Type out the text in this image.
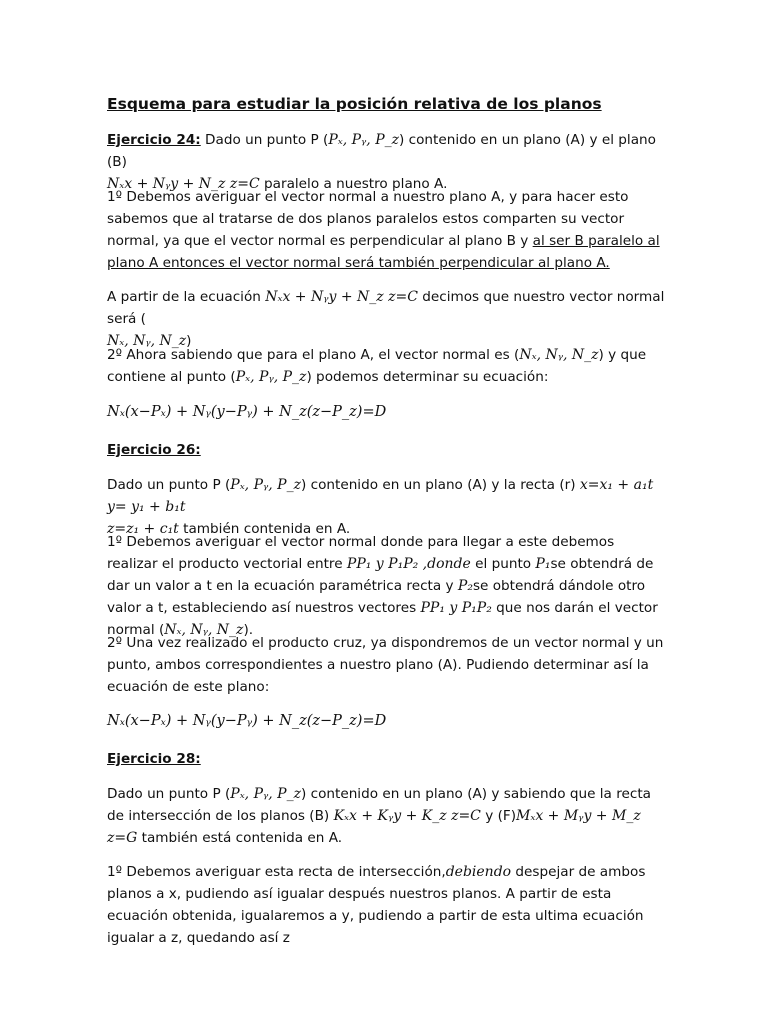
Esquema para estudiar la posición relativa de los planos
Ejercicio 24: Dado un punto P (Pₓ, Pᵧ, P_z) contenido en un plano (A) y el plano (B)
Nₓx + Nᵧy + N_z z=C paralelo a nuestro plano A.
1º Debemos averiguar el vector normal a nuestro plano A, y para hacer esto sabemos que al tratarse de dos planos paralelos estos comparten su vector normal, ya que el vector normal es perpendicular al plano B y al ser B paralelo al plano A entonces el vector normal será también perpendicular al plano A.
A partir de la ecuación Nₓx + Nᵧy + N_z z=C decimos que nuestro vector normal será (
Nₓ, Nᵧ, N_z)
2º Ahora sabiendo que para el plano A, el vector normal es (Nₓ, Nᵧ, N_z) y que contiene al punto (Pₓ, Pᵧ, P_z) podemos determinar su ecuación:
Nₓ(x−Pₓ) + Nᵧ(y−Pᵧ) + N_z(z−P_z)=D
Ejercicio 26:
Dado un punto P (Pₓ, Pᵧ, P_z) contenido en un plano (A) y la recta (r) x=x₁ + a₁t y= y₁ + b₁t
z=z₁ + c₁t también contenida en A.
1º Debemos averiguar el vector normal donde para llegar a este debemos realizar el producto vectorial entre PP₁ y P₁P₂ ,donde el punto P₁se obtendrá de dar un valor a t en la ecuación paramétrica recta y P₂se obtendrá dándole otro valor a t, estableciendo así nuestros vectores PP₁ y P₁P₂ que nos darán el vector normal (Nₓ, Nᵧ, N_z).
2º Una vez realizado el producto cruz, ya dispondremos de un vector normal y un punto, ambos correspondientes a nuestro plano (A). Pudiendo determinar así la ecuación de este plano:
Nₓ(x−Pₓ) + Nᵧ(y−Pᵧ) + N_z(z−P_z)=D
Ejercicio 28:
Dado un punto P (Pₓ, Pᵧ, P_z) contenido en un plano (A) y sabiendo que la recta de intersección de los planos (B) Kₓx + Kᵧy + K_z z=C y (F)Mₓx + Mᵧy + M_z z=G también está contenida en A.
1º Debemos averiguar esta recta de intersección,debiendo despejar de ambos planos a x, pudiendo así igualar después nuestros planos. A partir de esta ecuación obtenida, igualaremos a y, pudiendo a partir de esta ultima ecuación igualar a z, quedando así z
